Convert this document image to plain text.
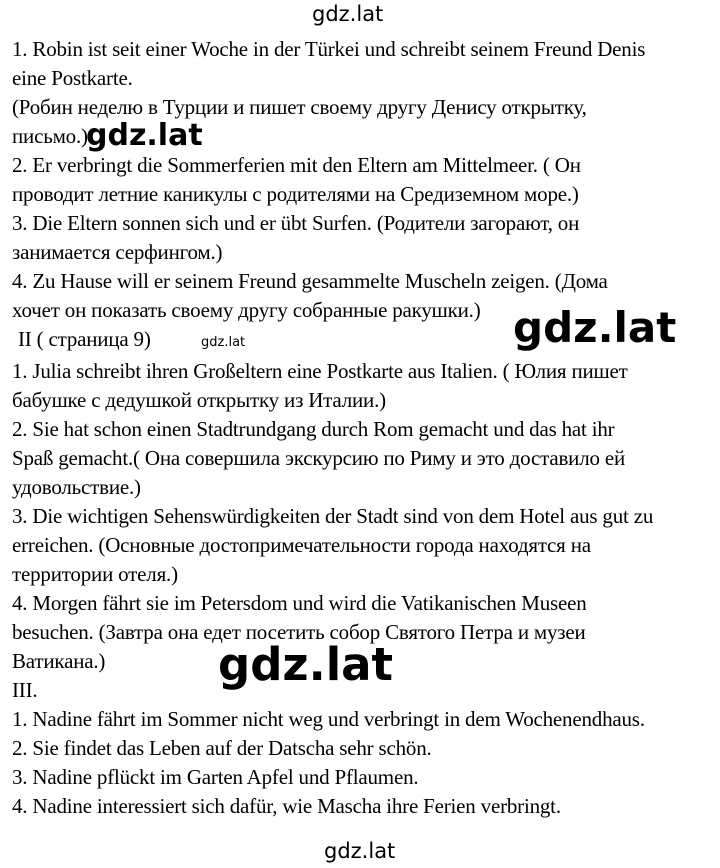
gdz.lat
1. Robin ist seit einer Woche in der Türkei und schreibt seinem Freund Denis
eine Postkarte.
(Робин неделю в Турции и пишет своему другу Денису открытку,
письмо.)
2. Er verbringt die Sommerferien mit den Eltern am Mittelmeer. ( Он
проводит летние каникулы с родителями на Средиземном море.)
3. Die Eltern sonnen sich und er übt Surfen. (Родители загорают, он
занимается серфингом.)
4. Zu Hause will er seinem Freund gesammelte Muscheln zeigen. (Дома
хочет он показать своему другу собранные ракушки.)
II ( страница 9)
1. Julia schreibt ihren Großeltern eine Postkarte aus Italien. ( Юлия пишет
бабушке с дедушкой открытку из Италии.)
2. Sie hat schon einen Stadtrundgang durch Rom gemacht und das hat ihr
Spaß gemacht.( Она совершила экскурсию по Риму и это доставило ей
удовольствие.)
3. Die wichtigen Sehenswürdigkeiten der Stadt sind von dem Hotel aus gut zu
erreichen. (Основные достопримечательности города находятся на
территории отеля.)
4. Morgen fährt sie im Petersdom und wird die Vatikanischen Museen
besuchen. (Завтра она едет посетить собор Святого Петра и музеи
Ватикана.)
III.
1. Nadine fährt im Sommer nicht weg und verbringt in dem Wochenendhaus.
2. Sie findet das Leben auf der Datscha sehr schön.
3. Nadine pflückt im Garten Apfel und Pflaumen.
4. Nadine interessiert sich dafür, wie Mascha ihre Ferien verbringt.
gdz.lat
gdz.lat
gdz.lat
gdz.lat
gdz.lat
